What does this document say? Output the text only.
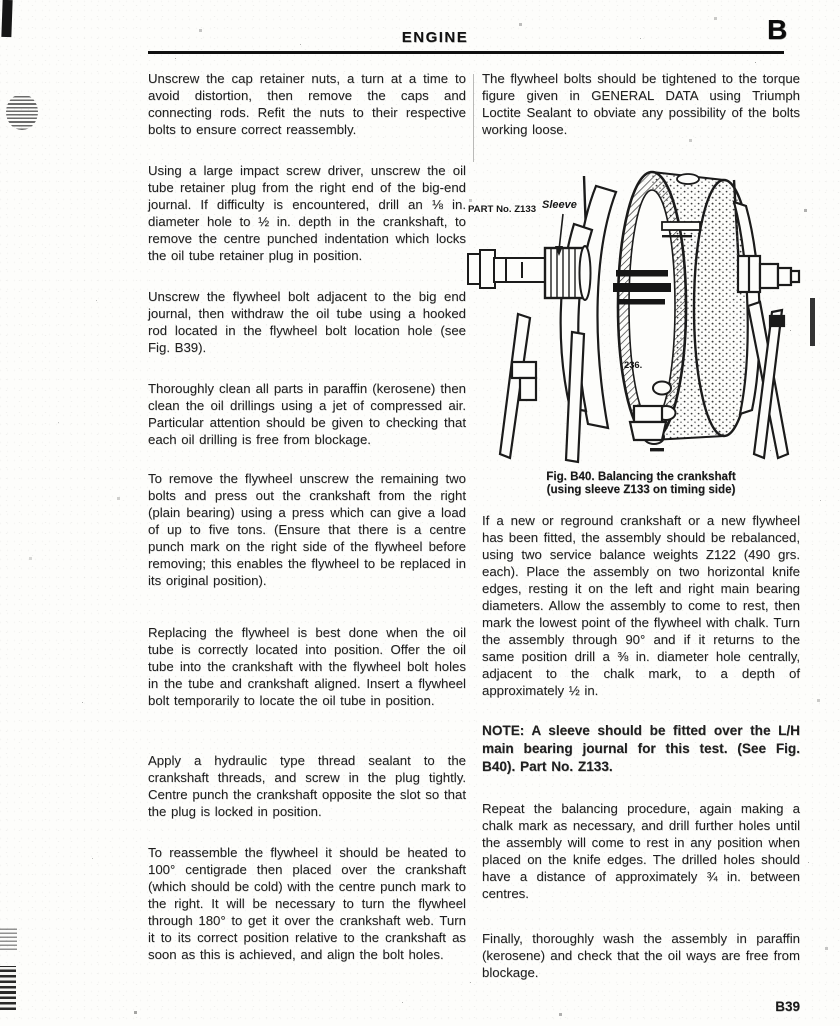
ENGINE	B

Unscrew the cap retainer nuts, a turn at a time to avoid distortion, then remove the caps and connecting rods. Refit the nuts to their respective bolts to ensure correct reassembly.

Using a large impact screw driver, unscrew the oil tube retainer plug from the right end of the big-end journal. If difficulty is encountered, drill an ⅛ in. diameter hole to ½ in. depth in the crankshaft, to remove the centre punched indentation which locks the oil tube retainer plug in position.

Unscrew the flywheel bolt adjacent to the big end journal, then withdraw the oil tube using a hooked rod located in the flywheel bolt location hole (see Fig. B39).

Thoroughly clean all parts in paraffin (kerosene) then clean the oil drillings using a jet of compressed air. Particular attention should be given to checking that each oil drilling is free from blockage.

To remove the flywheel unscrew the remaining two bolts and press out the crankshaft from the right (plain bearing) using a press which can give a load of up to five tons. (Ensure that there is a centre punch mark on the right side of the flywheel before removing; this enables the flywheel to be replaced in its original position).

Replacing the flywheel is best done when the oil tube is correctly located into position. Offer the oil tube into the crankshaft with the flywheel bolt holes in the tube and crankshaft aligned. Insert a flywheel bolt temporarily to locate the oil tube in position.

Apply a hydraulic type thread sealant to the crankshaft threads, and screw in the plug tightly. Centre punch the crankshaft opposite the slot so that the plug is locked in position.

To reassemble the flywheel it should be heated to 100° centigrade then placed over the crankshaft (which should be cold) with the centre punch mark to the right. It will be necessary to turn the flywheel through 180° to get it over the crankshaft web. Turn it to its correct position relative to the crankshaft as soon as this is achieved, and align the bolt holes.

The flywheel bolts should be tightened to the torque figure given in GENERAL DATA using Triumph Loctite Sealant to obviate any possibility of the bolts working loose.

PART No. Z133 Sleeve
236.
Fig. B40. Balancing the crankshaft
(using sleeve Z133 on timing side)

If a new or reground crankshaft or a new flywheel has been fitted, the assembly should be rebalanced, using two service balance weights Z122 (490 grs. each). Place the assembly on two horizontal knife edges, resting it on the left and right main bearing diameters. Allow the assembly to come to rest, then mark the lowest point of the flywheel with chalk. Turn the assembly through 90° and if it returns to the same position drill a ⅜ in. diameter hole centrally, adjacent to the chalk mark, to a depth of approximately ½ in.

NOTE: A sleeve should be fitted over the L/H main bearing journal for this test. (See Fig. B40). Part No. Z133.

Repeat the balancing procedure, again making a chalk mark as necessary, and drill further holes until the assembly will come to rest in any position when placed on the knife edges. The drilled holes should have a distance of approximately ¾ in. between centres.

Finally, thoroughly wash the assembly in paraffin (kerosene) and check that the oil ways are free from blockage.

B39
